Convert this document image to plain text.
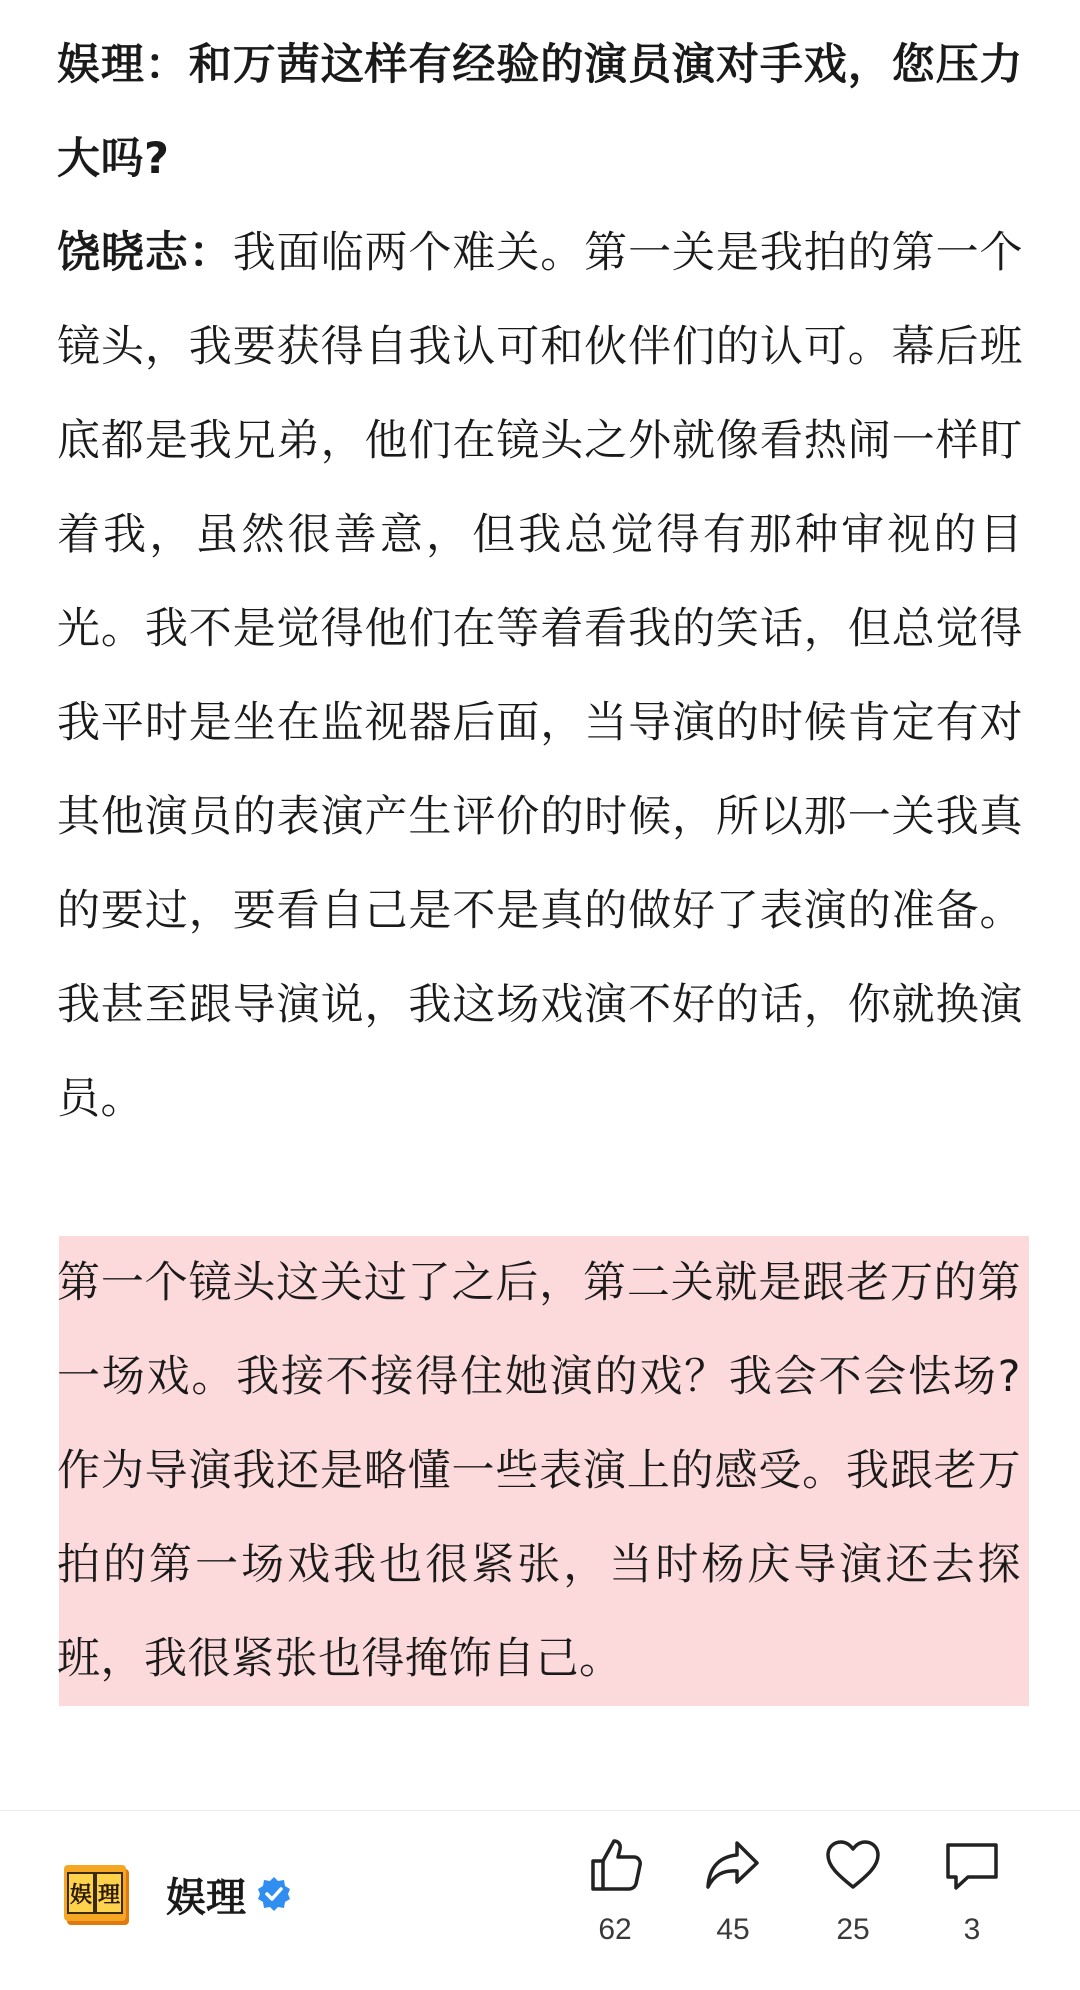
娱理：和万茜这样有经验的演员演对手戏，您压力大吗?

饶晓志：我面临两个难关。第一关是我拍的第一个镜头，我要获得自我认可和伙伴们的认可。幕后班底都是我兄弟，他们在镜头之外就像看热闹一样盯着我，虽然很善意，但我总觉得有那种审视的目光。我不是觉得他们在等着看我的笑话，但总觉得我平时是坐在监视器后面，当导演的时候肯定有对其他演员的表演产生评价的时候，所以那一关我真的要过，要看自己是不是真的做好了表演的准备。我甚至跟导演说，我这场戏演不好的话，你就换演员。

第一个镜头这关过了之后，第二关就是跟老万的第一场戏。我接不接得住她演的戏？我会不会怯场?作为导演我还是略懂一些表演上的感受。我跟老万拍的第一场戏我也很紧张，当时杨庆导演还去探班，我很紧张也得掩饰自己。

娱 理 娱理
62	45	25	3
